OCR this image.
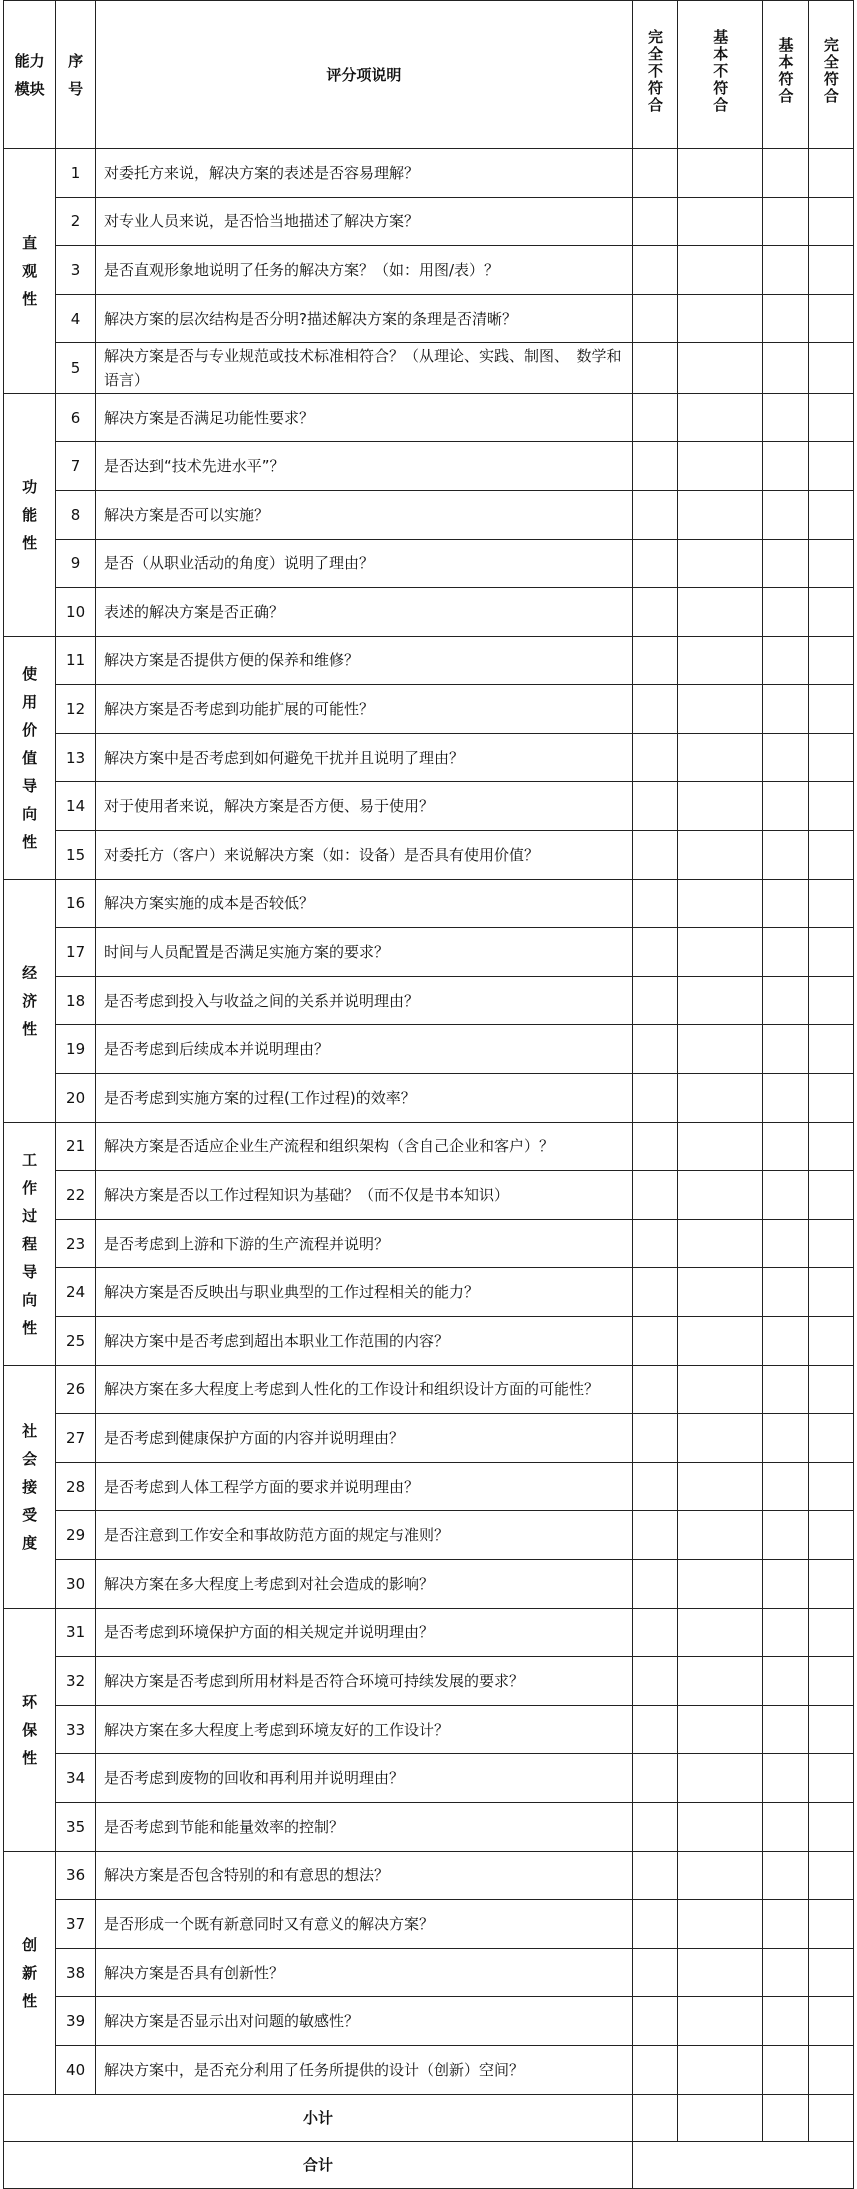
能力模块	序号	评分项说明	完全不符合	基本不符合	基本符合	完全符合
直观性	1	对委托方来说，解决方案的表述是否容易理解？				
	2	对专业人员来说，是否恰当地描述了解决方案？				
	3	是否直观形象地说明了任务的解决方案？（如：用图/表）？				
	4	解决方案的层次结构是否分明?描述解决方案的条理是否清晰？				
	5	解决方案是否与专业规范或技术标准相符合？（从理论、实践、制图、　数学和语言）				
功能性	6	解决方案是否满足功能性要求？				
	7	是否达到“技术先进水平”？				
	8	解决方案是否可以实施？				
	9	是否（从职业活动的角度）说明了理由？				
	10	表述的解决方案是否正确？				
使用价值导向性	11	解决方案是否提供方便的保养和维修？				
	12	解决方案是否考虑到功能扩展的可能性？				
	13	解决方案中是否考虑到如何避免干扰并且说明了理由？				
	14	对于使用者来说，解决方案是否方便、易于使用？				
	15	对委托方（客户）来说解决方案（如：设备）是否具有使用价值？				
经济性	16	解决方案实施的成本是否较低？				
	17	时间与人员配置是否满足实施方案的要求？				
	18	是否考虑到投入与收益之间的关系并说明理由？				
	19	是否考虑到后续成本并说明理由？				
	20	是否考虑到实施方案的过程(工作过程)的效率？				
工作过程导向性	21	解决方案是否适应企业生产流程和组织架构（含自己企业和客户）？				
	22	解决方案是否以工作过程知识为基础？（而不仅是书本知识）				
	23	是否考虑到上游和下游的生产流程并说明？				
	24	解决方案是否反映出与职业典型的工作过程相关的能力？				
	25	解决方案中是否考虑到超出本职业工作范围的内容？				
社会接受度	26	解决方案在多大程度上考虑到人性化的工作设计和组织设计方面的可能性？				
	27	是否考虑到健康保护方面的内容并说明理由？				
	28	是否考虑到人体工程学方面的要求并说明理由？				
	29	是否注意到工作安全和事故防范方面的规定与准则？				
	30	解决方案在多大程度上考虑到对社会造成的影响？				
环保性	31	是否考虑到环境保护方面的相关规定并说明理由？				
	32	解决方案是否考虑到所用材料是否符合环境可持续发展的要求？				
	33	解决方案在多大程度上考虑到环境友好的工作设计？				
	34	是否考虑到废物的回收和再利用并说明理由？				
	35	是否考虑到节能和能量效率的控制？				
创新性	36	解决方案是否包含特别的和有意思的想法？				
	37	是否形成一个既有新意同时又有意义的解决方案？				
	38	解决方案是否具有创新性？				
	39	解决方案是否显示出对问题的敏感性？				
	40	解决方案中，是否充分利用了任务所提供的设计（创新）空间？				
小计						
合计						
